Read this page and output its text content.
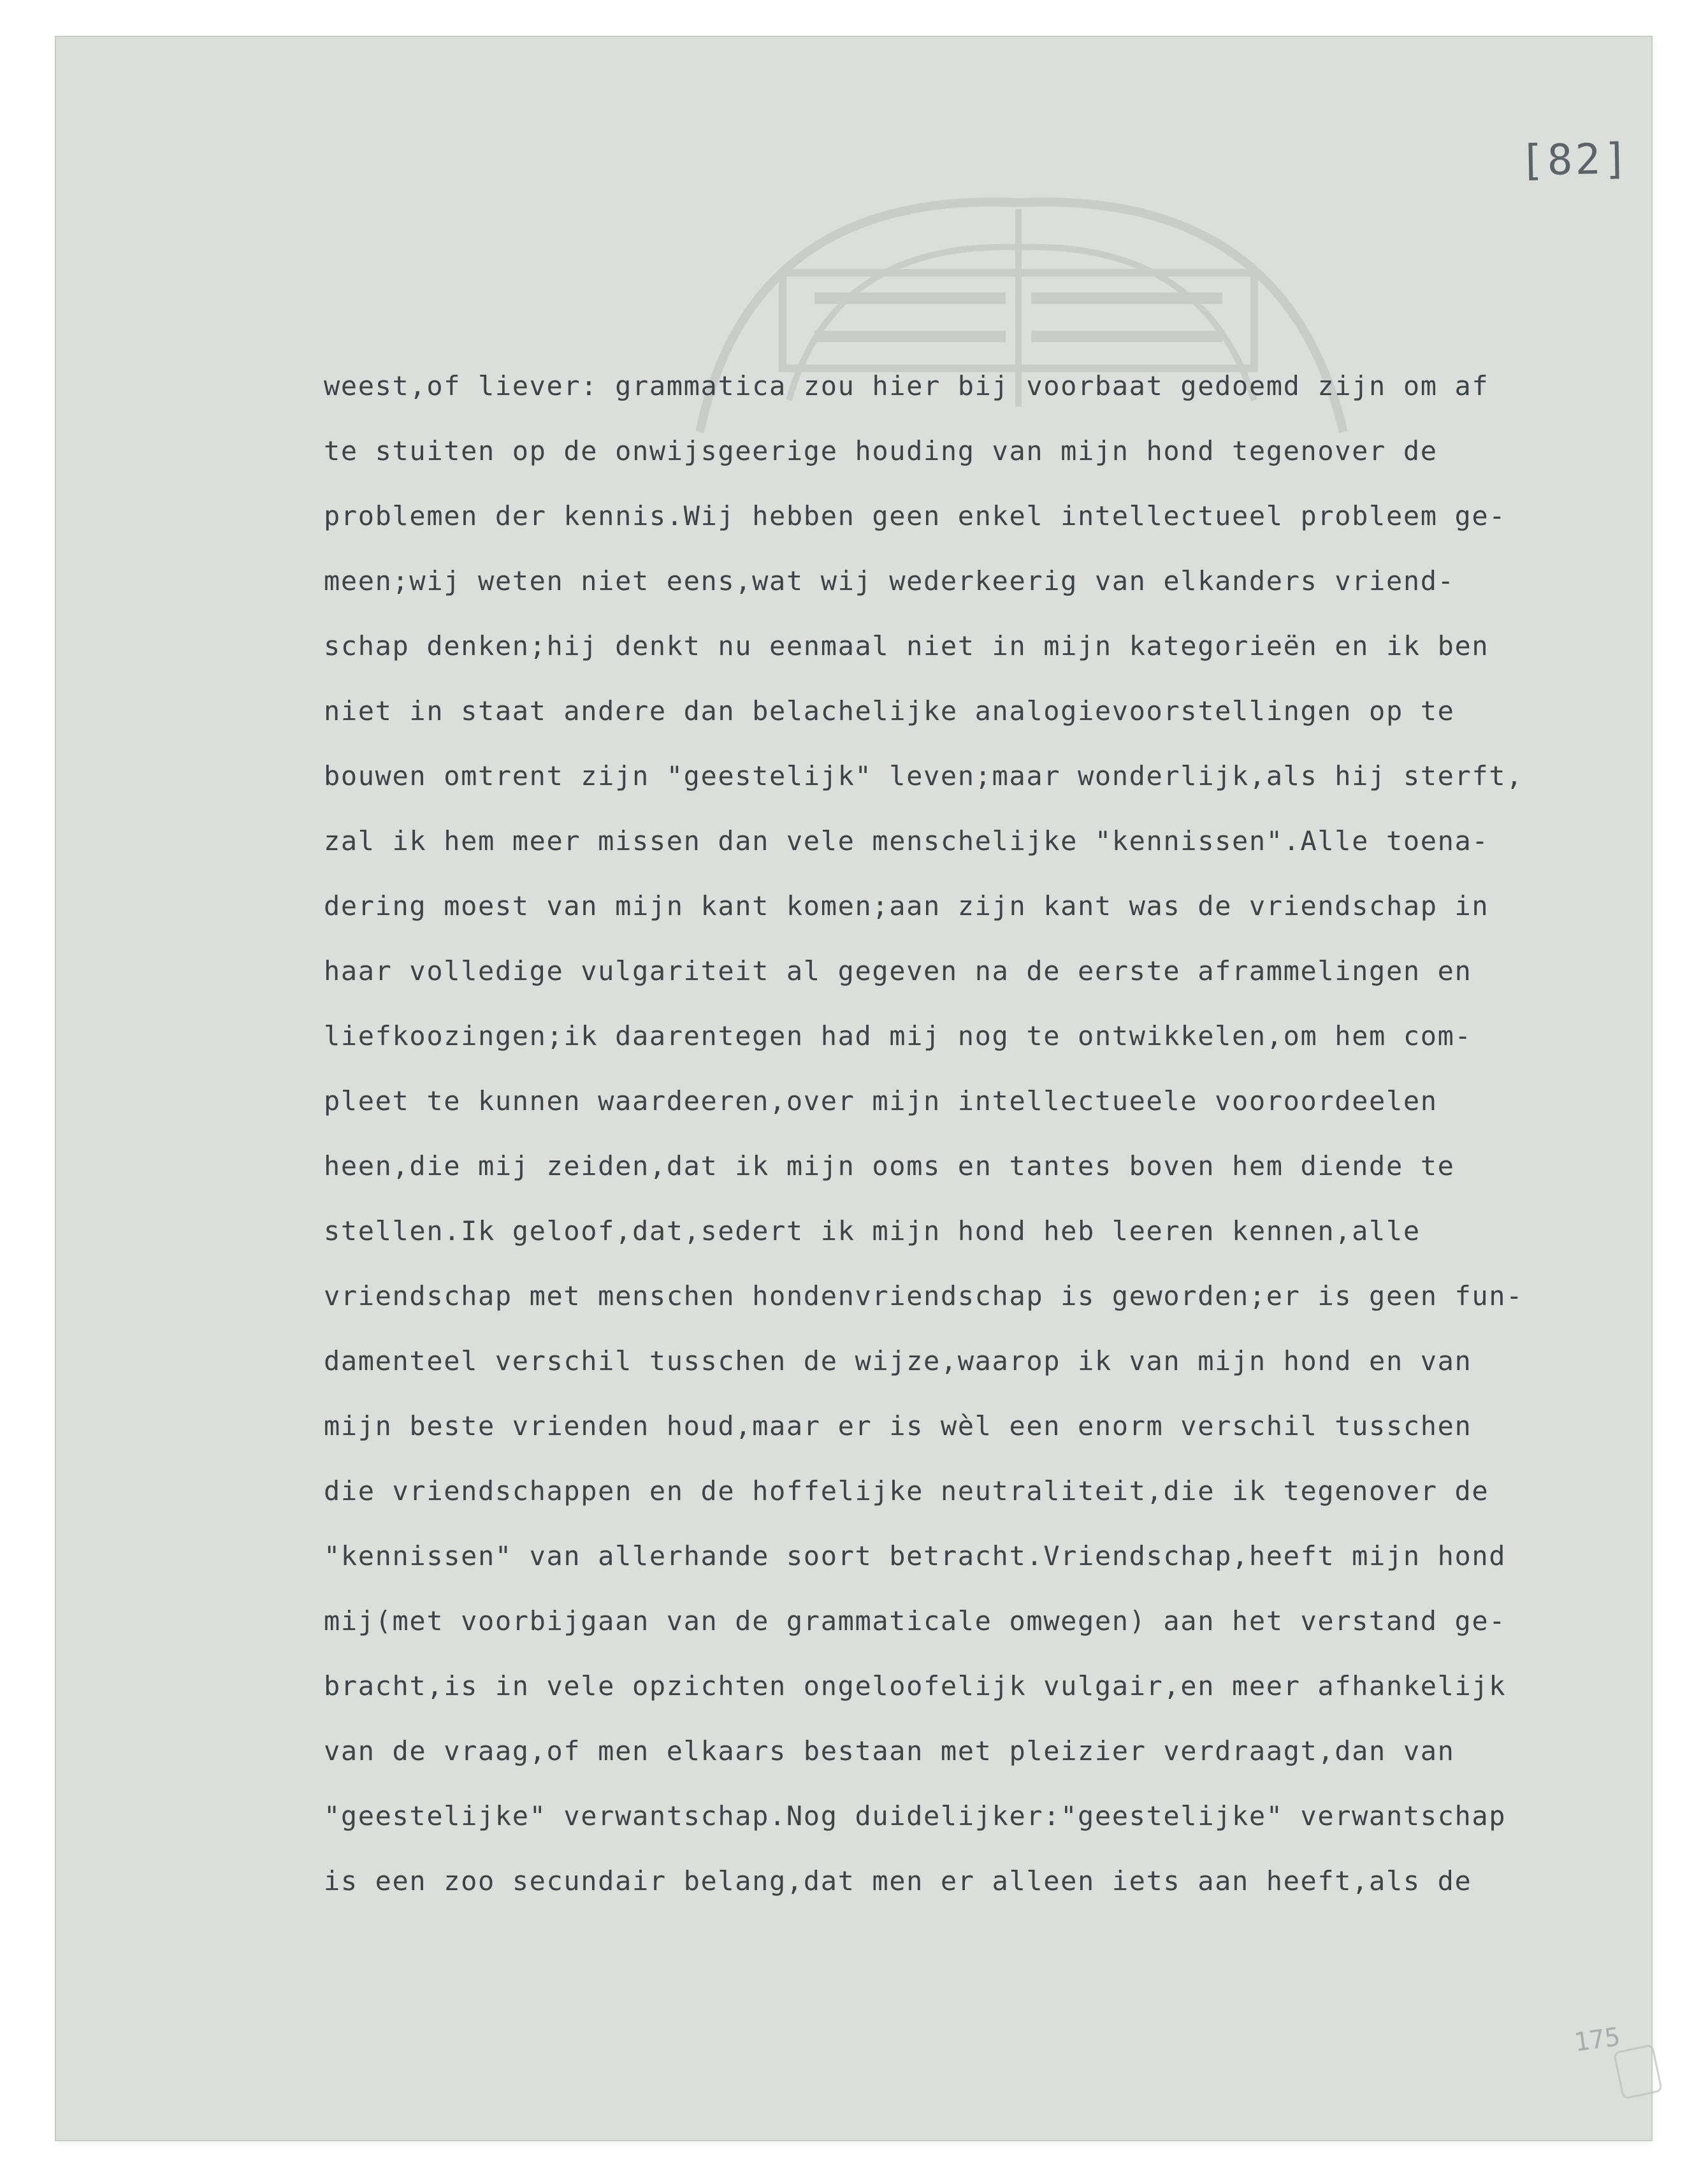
[82]
175
weest,of liever: grammatica zou hier bij voorbaat gedoemd zijn om af
te stuiten op de onwijsgeerige houding van mijn hond tegenover de
problemen der kennis.Wij hebben geen enkel intellectueel probleem ge-
meen;wij weten niet eens,wat wij wederkeerig van elkanders vriend-
schap denken;hij denkt nu eenmaal niet in mijn kategorieën en ik ben
niet in staat andere dan belachelijke analogievoorstellingen op te
bouwen omtrent zijn "geestelijk" leven;maar wonderlijk,als hij sterft,
zal ik hem meer missen dan vele menschelijke "kennissen".Alle toena-
dering moest van mijn kant komen;aan zijn kant was de vriendschap in
haar volledige vulgariteit al gegeven na de eerste aframmelingen en
liefkoozingen;ik daarentegen had mij nog te ontwikkelen,om hem com-
pleet te kunnen waardeeren,over mijn intellectueele vooroordeelen
heen,die mij zeiden,dat ik mijn ooms en tantes boven hem diende te
stellen.Ik geloof,dat,sedert ik mijn hond heb leeren kennen,alle
vriendschap met menschen hondenvriendschap is geworden;er is geen fun-
damenteel verschil tusschen de wijze,waarop ik van mijn hond en van
mijn beste vrienden houd,maar er is wèl een enorm verschil tusschen
die vriendschappen en de hoffelijke neutraliteit,die ik tegenover de
"kennissen" van allerhande soort betracht.Vriendschap,heeft mijn hond
mij(met voorbijgaan van de grammaticale omwegen) aan het verstand ge-
bracht,is in vele opzichten ongeloofelijk vulgair,en meer afhankelijk
van de vraag,of men elkaars bestaan met pleizier verdraagt,dan van
"geestelijke" verwantschap.Nog duidelijker:"geestelijke" verwantschap
is een zoo secundair belang,dat men er alleen iets aan heeft,als de
